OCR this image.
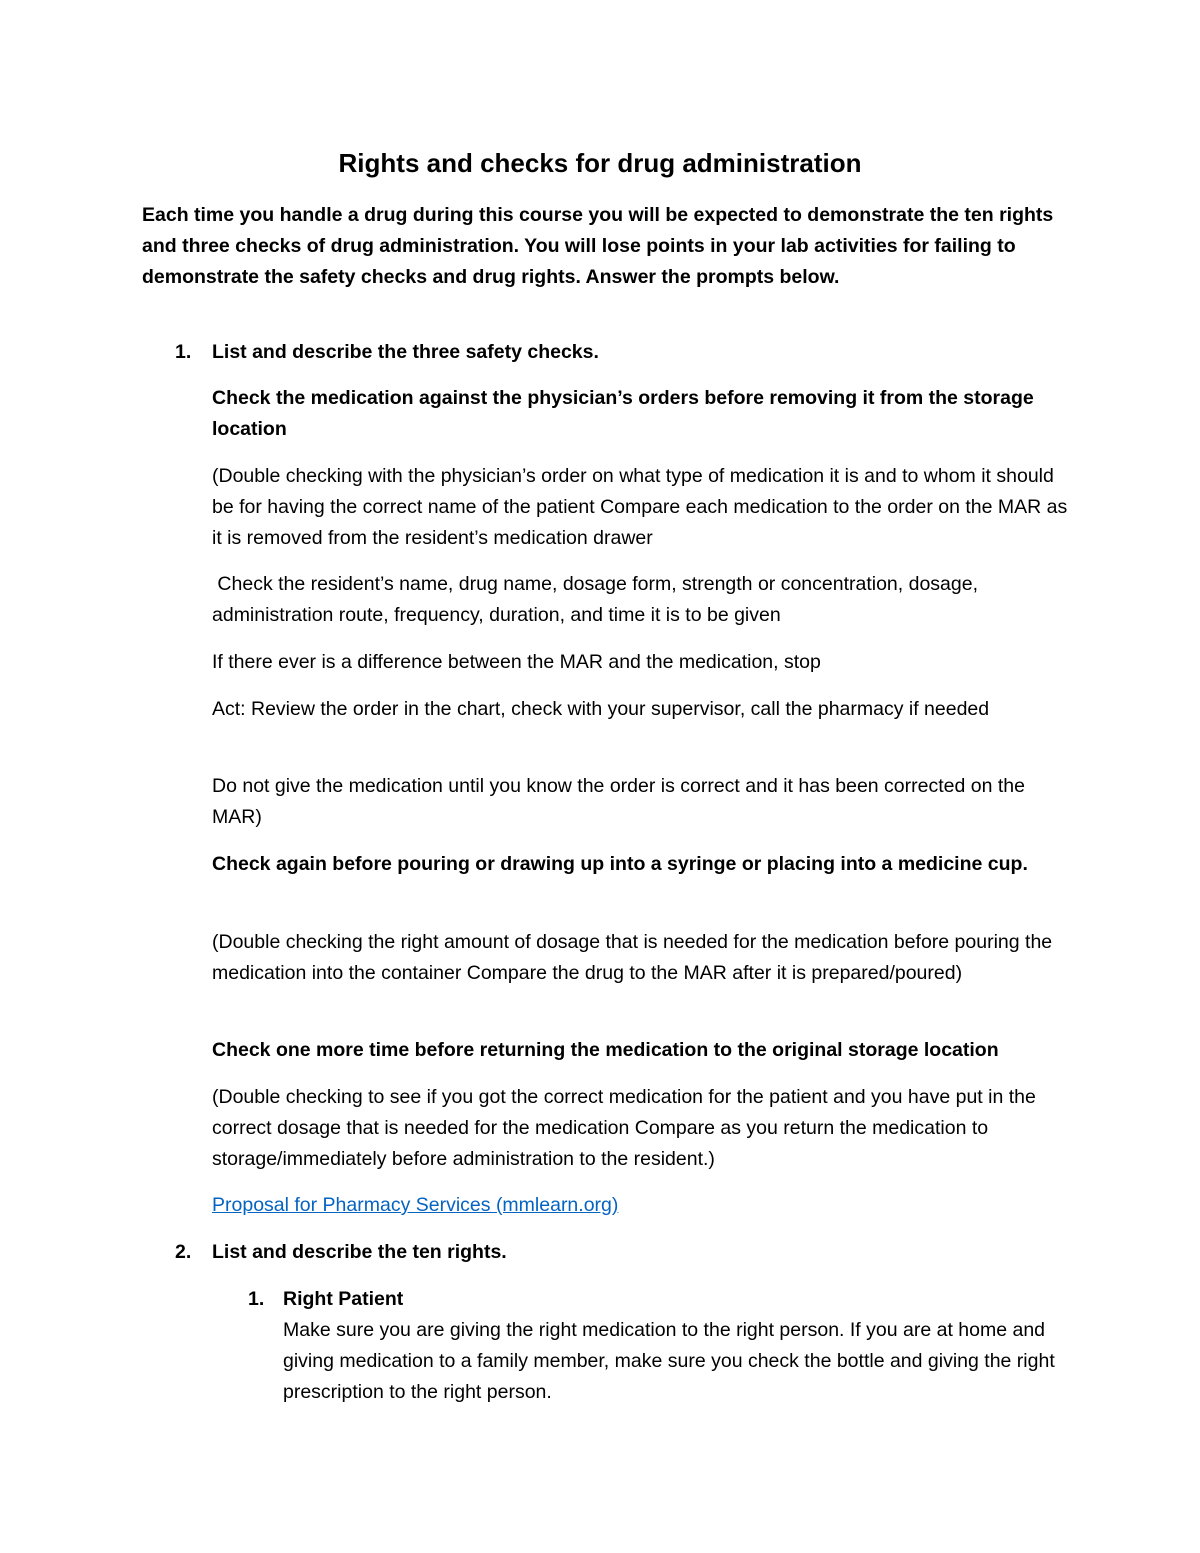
Rights and checks for drug administration

Each time you handle a drug during this course you will be expected to demonstrate the ten rights and three checks of drug administration. You will lose points in your lab activities for failing to demonstrate the safety checks and drug rights. Answer the prompts below.

1.	List and describe the three safety checks.

Check the medication against the physician’s orders before removing it from the storage location

(Double checking with the physician’s order on what type of medication it is and to whom it should be for having the correct name of the patient Compare each medication to the order on the MAR as it is removed from the resident’s medication drawer

Check the resident’s name, drug name, dosage form, strength or concentration, dosage, administration route, frequency, duration, and time it is to be given

If there ever is a difference between the MAR and the medication, stop

Act: Review the order in the chart, check with your supervisor, call the pharmacy if needed

Do not give the medication until you know the order is correct and it has been corrected on the MAR)

Check again before pouring or drawing up into a syringe or placing into a medicine cup.

(Double checking the right amount of dosage that is needed for the medication before pouring the medication into the container Compare the drug to the MAR after it is prepared/poured)

Check one more time before returning the medication to the original storage location

(Double checking to see if you got the correct medication for the patient and you have put in the correct dosage that is needed for the medication Compare as you return the medication to storage/immediately before administration to the resident.)

Proposal for Pharmacy Services (mmlearn.org)

2.	List and describe the ten rights.
1. Right Patient
Make sure you are giving the right medication to the right person. If you are at home and giving medication to a family member, make sure you check the bottle and giving the right prescription to the right person.
